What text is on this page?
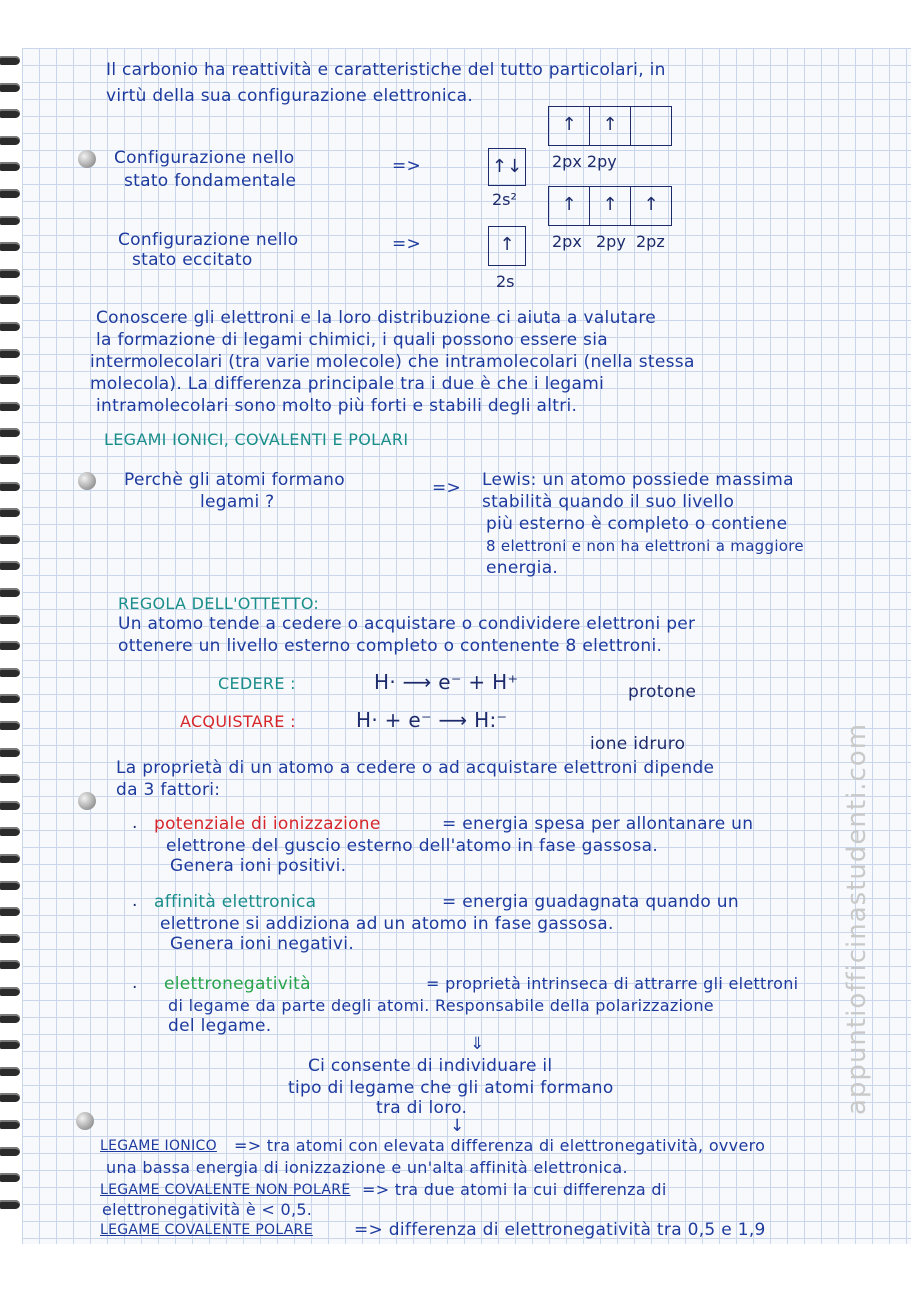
Il carbonio ha reattività e caratteristiche del tutto particolari, in
virtù della sua configurazione elettronica.
Configurazione nello
stato fondamentale
=>	↑↓
2s²
↑	↑
2px 2py
Configurazione nello
stato eccitato
=>	↑
2s
↑	↑	↑
2px 2py 2pz
Conoscere gli elettroni e la loro distribuzione ci aiuta a valutare
la formazione di legami chimici, i quali possono essere sia
intermolecolari (tra varie molecole) che intramolecolari (nella stessa
molecola). La differenza principale tra i due è che i legami
intramolecolari sono molto più forti e stabili degli altri.
LEGAMI IONICI, COVALENTI E POLARI
Perchè gli atomi formano
legami ?
=> Lewis: un atomo possiede massima
stabilità quando il suo livello
più esterno è completo o contiene
8 elettroni e non ha elettroni a maggiore
energia.
REGOLA DELL'OTTETTO:
Un atomo tende a cedere o acquistare o condividere elettroni per
ottenere un livello esterno completo o contenente 8 elettroni.
CEDERE :	H· ⟶ e⁻ + H⁺	protone
ACQUISTARE :	H· + e⁻ ⟶ H:⁻
ione idruro
La proprietà di un atomo a cedere o ad acquistare elettroni dipende
da 3 fattori:
· potenziale di ionizzazione	= energia spesa per allontanare un
elettrone del guscio esterno dell'atomo in fase gassosa.
Genera ioni positivi.
· affinità elettronica	= energia guadagnata quando un
elettrone si addiziona ad un atomo in fase gassosa.
Genera ioni negativi.
· elettronegatività	= proprietà intrinseca di attrarre gli elettroni
di legame da parte degli atomi. Responsabile della polarizzazione
del legame.
⇓
Ci consente di individuare il
tipo di legame che gli atomi formano
tra di loro.
↓
LEGAME IONICO => tra atomi con elevata differenza di elettronegatività, ovvero
una bassa energia di ionizzazione e un'alta affinità elettronica.
LEGAME COVALENTE NON POLARE => tra due atomi la cui differenza di
elettronegatività è < 0,5.
LEGAME COVALENTE POLARE => differenza di elettronegatività tra 0,5 e 1,9
appuntiofficinastudenti.com
